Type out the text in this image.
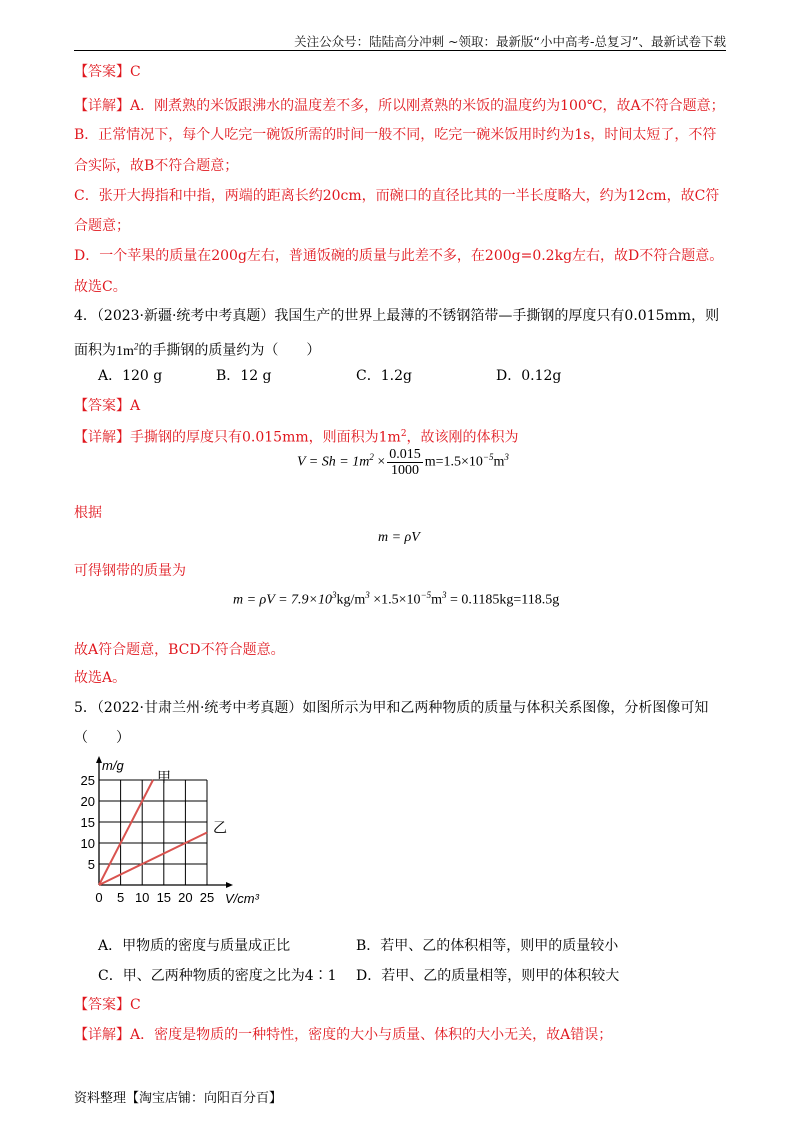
关注公众号：陆陆高分冲刺 ~领取：最新版“小中高考-总复习”、最新试卷下载
【答案】C
【详解】A．刚煮熟的米饭跟沸水的温度差不多，所以刚煮熟的米饭的温度约为100℃，故A不符合题意；
B．正常情况下，每个人吃完一碗饭所需的时间一般不同，吃完一碗米饭用时约为1s，时间太短了，不符
合实际，故B不符合题意；
C．张开大拇指和中指，两端的距离长约20cm，而碗口的直径比其的一半长度略大，约为12cm，故C符
合题意；
D．一个苹果的质量在200g左右，普通饭碗的质量与此差不多，在200g=0.2kg左右，故D不符合题意。
故选C。
4．（2023·新疆·统考中考真题）我国生产的世界上最薄的不锈钢箔带—手撕钢的厚度只有0.015mm，则
面积为$1m^2$的手撕钢的质量约为（　　）
A．120 g	B．12 g	C．1.2g	D．0.12g
【答案】A
【详解】手撕钢的厚度只有0.015mm，则面积为$1m^2$，故该刚的体积为
$V = Sh = 1m^2 \times \frac{0.015}{1000} m=1.5\times 10^{-5}m^3$
根据
m = ρV
可得钢带的质量为
$m = \rho V = 7.9\times 10^3kg/m^3 \times 1.5\times 10^{-5}m^3 = 0.1185kg=118.5g$
故A符合题意，BCD不符合题意。
故选A。
5．（2022·甘肃兰州·统考中考真题）如图所示为甲和乙两种物质的质量与体积关系图像，分析图像可知
（　　）
0 5 10 15 20 25
5
10
15
20
25
m/g
V/cm³
甲
乙
A．甲物质的密度与质量成正比	B．若甲、乙的体积相等，则甲的质量较小
C．甲、乙两种物质的密度之比为4∶1 D．若甲、乙的质量相等，则甲的体积较大
【答案】C
【详解】A．密度是物质的一种特性，密度的大小与质量、体积的大小无关，故A错误；
资料整理【淘宝店铺：向阳百分百】
